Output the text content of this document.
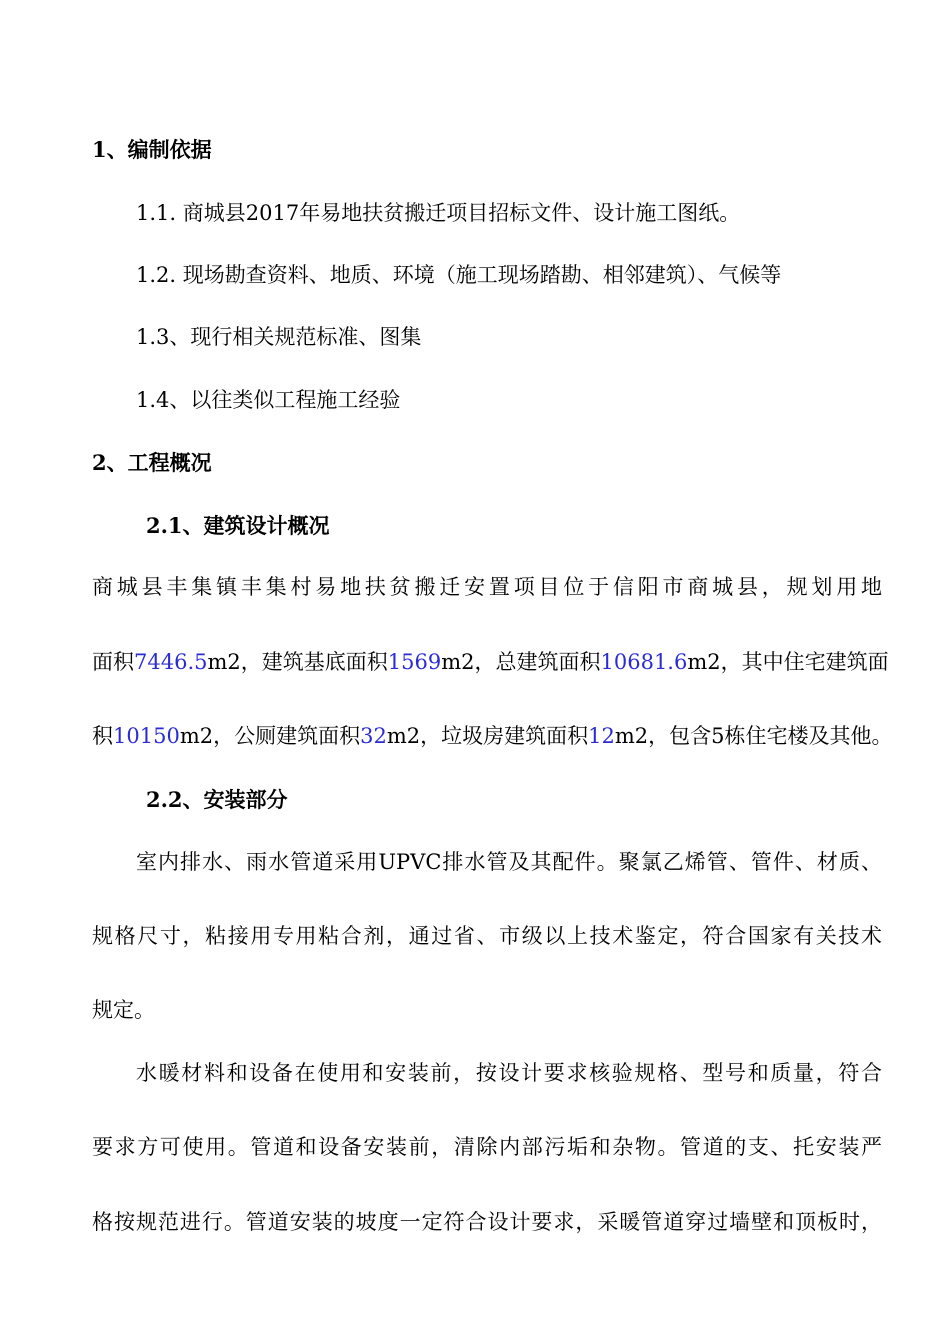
1、编制依据
1.1. 商城县2017年易地扶贫搬迁项目招标文件、设计施工图纸。
1.2. 现场勘查资料、地质、环境（施工现场踏勘、相邻建筑）、气候等
1.3、现行相关规范标准、图集
1.4、以往类似工程施工经验
2、工程概况
2.1、建筑设计概况
商城县丰集镇丰集村易地扶贫搬迁安置项目位于信阳市商城县，规划用地
面积7446.5m2，建筑基底面积1569m2，总建筑面积10681.6m2，其中住宅建筑面
积10150m2，公厕建筑面积32m2，垃圾房建筑面积12m2，包含5栋住宅楼及其他。
2.2、安装部分
室内排水、雨水管道采用UPVC排水管及其配件。聚氯乙烯管、管件、材质、
规格尺寸，粘接用专用粘合剂，通过省、市级以上技术鉴定，符合国家有关技术
规定。
水暖材料和设备在使用和安装前，按设计要求核验规格、型号和质量，符合
要求方可使用。管道和设备安装前，清除内部污垢和杂物。管道的支、托安装严
格按规范进行。管道安装的坡度一定符合设计要求，采暖管道穿过墙壁和顶板时，
